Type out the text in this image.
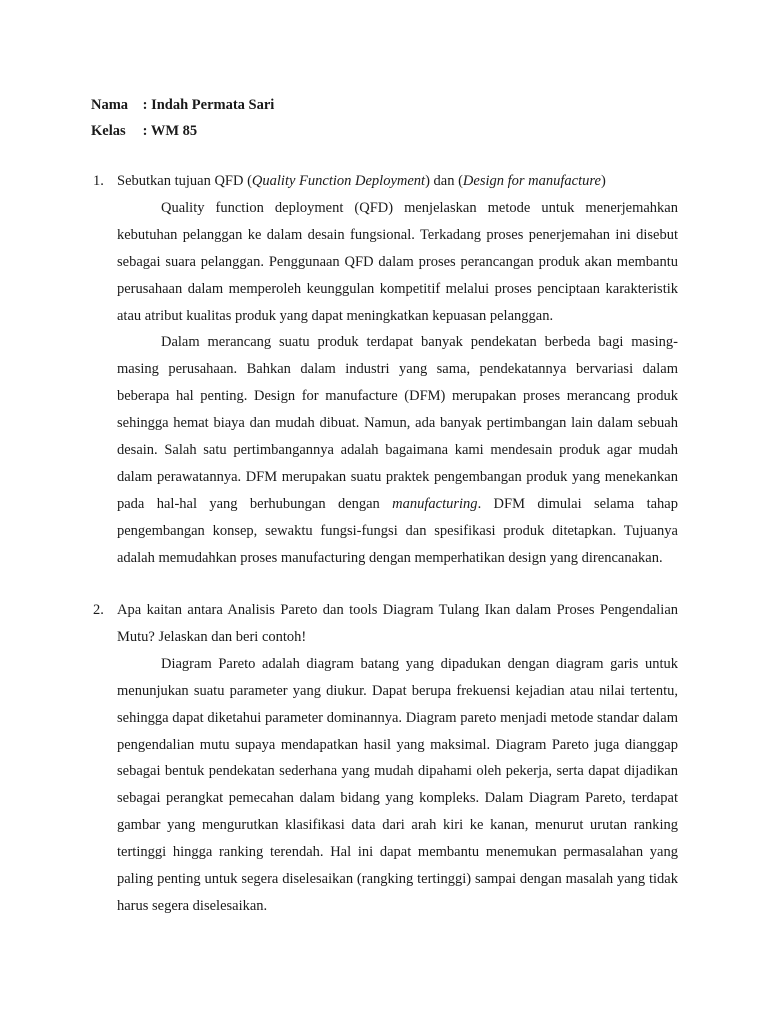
Nama : Indah Permata Sari
Kelas : WM 85
1. Sebutkan tujuan QFD (Quality Function Deployment) dan (Design for manufacture)

Quality function deployment (QFD) menjelaskan metode untuk menerjemahkan kebutuhan pelanggan ke dalam desain fungsional. Terkadang proses penerjemahan ini disebut sebagai suara pelanggan. Penggunaan QFD dalam proses perancangan produk akan membantu perusahaan dalam memperoleh keunggulan kompetitif melalui proses penciptaan karakteristik atau atribut kualitas produk yang dapat meningkatkan kepuasan pelanggan.

Dalam merancang suatu produk terdapat banyak pendekatan berbeda bagi masing-masing perusahaan. Bahkan dalam industri yang sama, pendekatannya bervariasi dalam beberapa hal penting. Design for manufacture (DFM) merupakan proses merancang produk sehingga hemat biaya dan mudah dibuat. Namun, ada banyak pertimbangan lain dalam sebuah desain. Salah satu pertimbangannya adalah bagaimana kami mendesain produk agar mudah dalam perawatannya. DFM merupakan suatu praktek pengembangan produk yang menekankan pada hal-hal yang berhubungan dengan manufacturing. DFM dimulai selama tahap pengembangan konsep, sewaktu fungsi-fungsi dan spesifikasi produk ditetapkan. Tujuanya adalah memudahkan proses manufacturing dengan memperhatikan design yang direncanakan.

2. Apa kaitan antara Analisis Pareto dan tools Diagram Tulang Ikan dalam Proses Pengendalian Mutu? Jelaskan dan beri contoh!

Diagram Pareto adalah diagram batang yang dipadukan dengan diagram garis untuk menunjukan suatu parameter yang diukur. Dapat berupa frekuensi kejadian atau nilai tertentu, sehingga dapat diketahui parameter dominannya. Diagram pareto menjadi metode standar dalam pengendalian mutu supaya mendapatkan hasil yang maksimal. Diagram Pareto juga dianggap sebagai bentuk pendekatan sederhana yang mudah dipahami oleh pekerja, serta dapat dijadikan sebagai perangkat pemecahan dalam bidang yang kompleks. Dalam Diagram Pareto, terdapat gambar yang mengurutkan klasifikasi data dari arah kiri ke kanan, menurut urutan ranking tertinggi hingga ranking terendah. Hal ini dapat membantu menemukan permasalahan yang paling penting untuk segera diselesaikan (rangking tertinggi) sampai dengan masalah yang tidak harus segera diselesaikan.
